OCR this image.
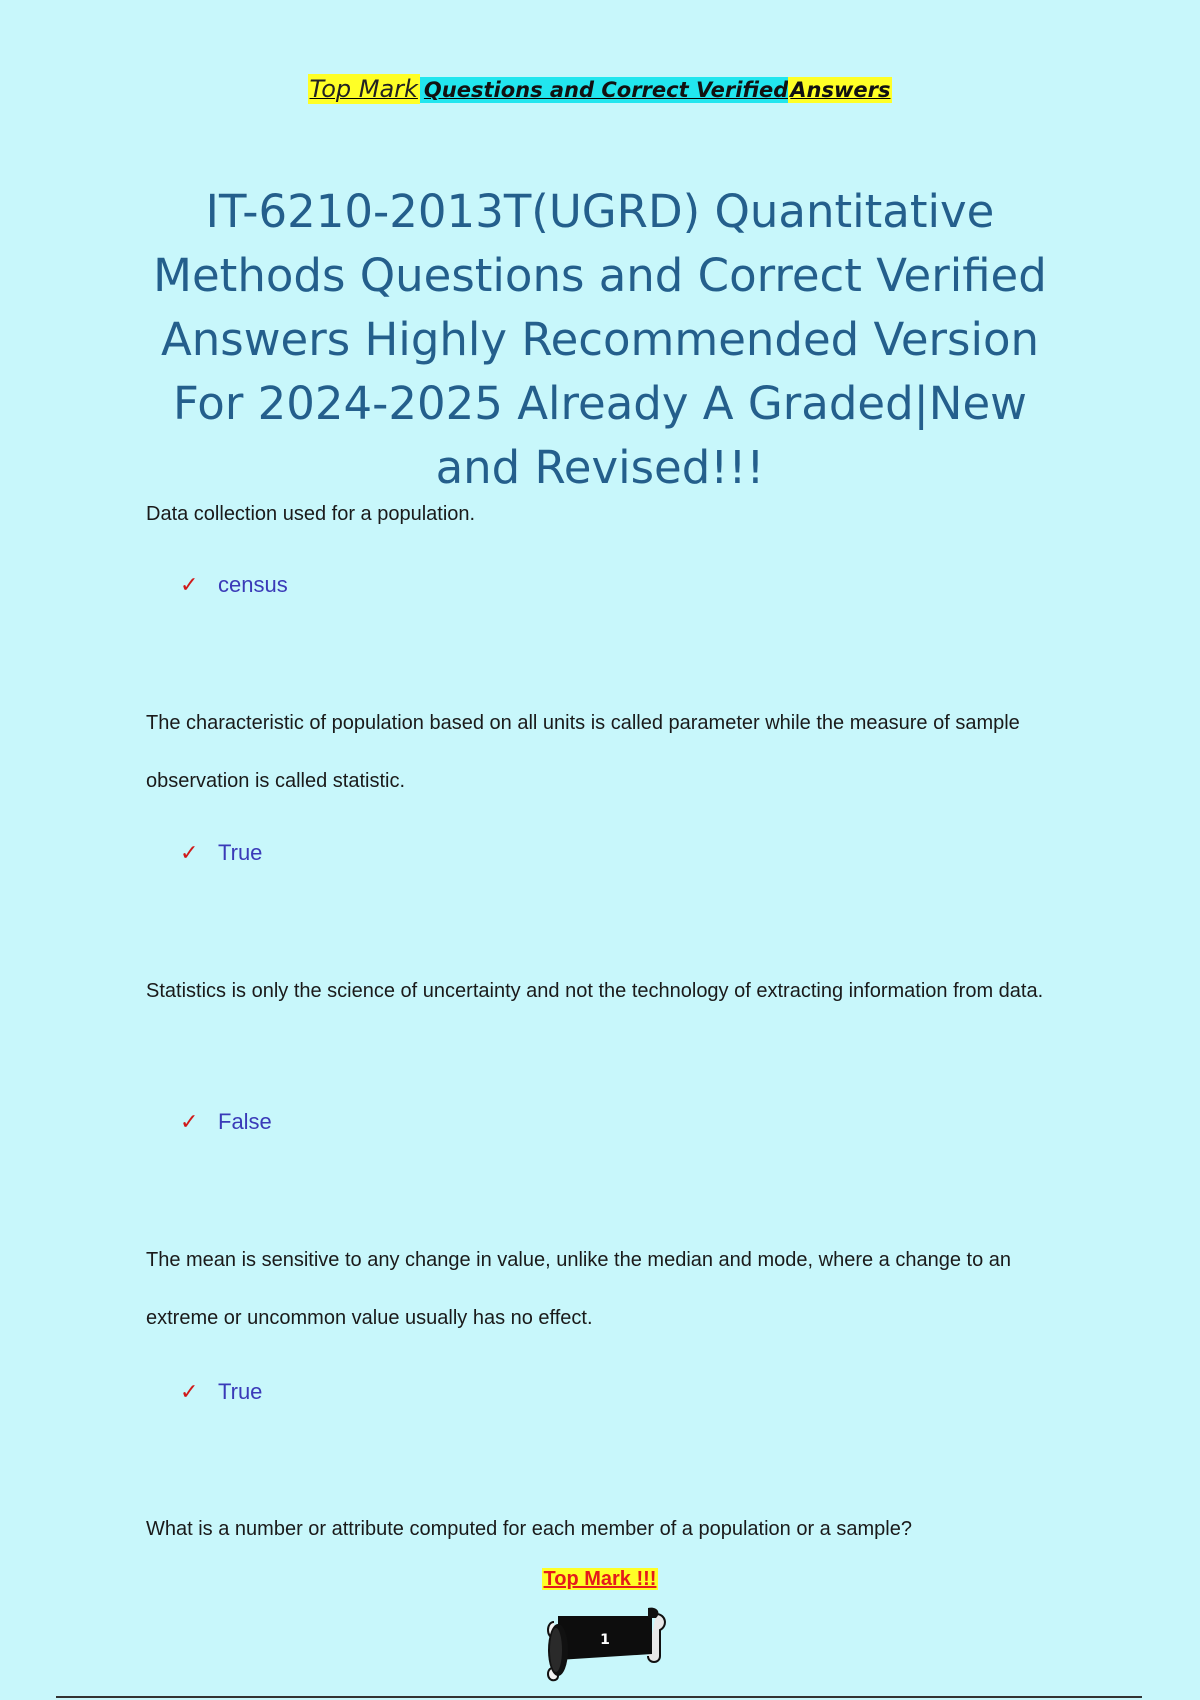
Top Mark Questions and Correct VerifiedAnswers
IT-6210-2013T(UGRD) Quantitative Methods Questions and Correct Verified Answers Highly Recommended Version For 2024-2025 Already A Graded|New and Revised!!!

Data collection used for a population.

✓ census

The characteristic of population based on all units is called parameter while the measure of sample observation is called statistic.

✓ True

Statistics is only the science of uncertainty and not the technology of extracting information from data.

✓ False

The mean is sensitive to any change in value, unlike the median and mode, where a change to an extreme or uncommon value usually has no effect.

✓ True

What is a number or attribute computed for each member of a population or a sample?

Top Mark !!!
1
